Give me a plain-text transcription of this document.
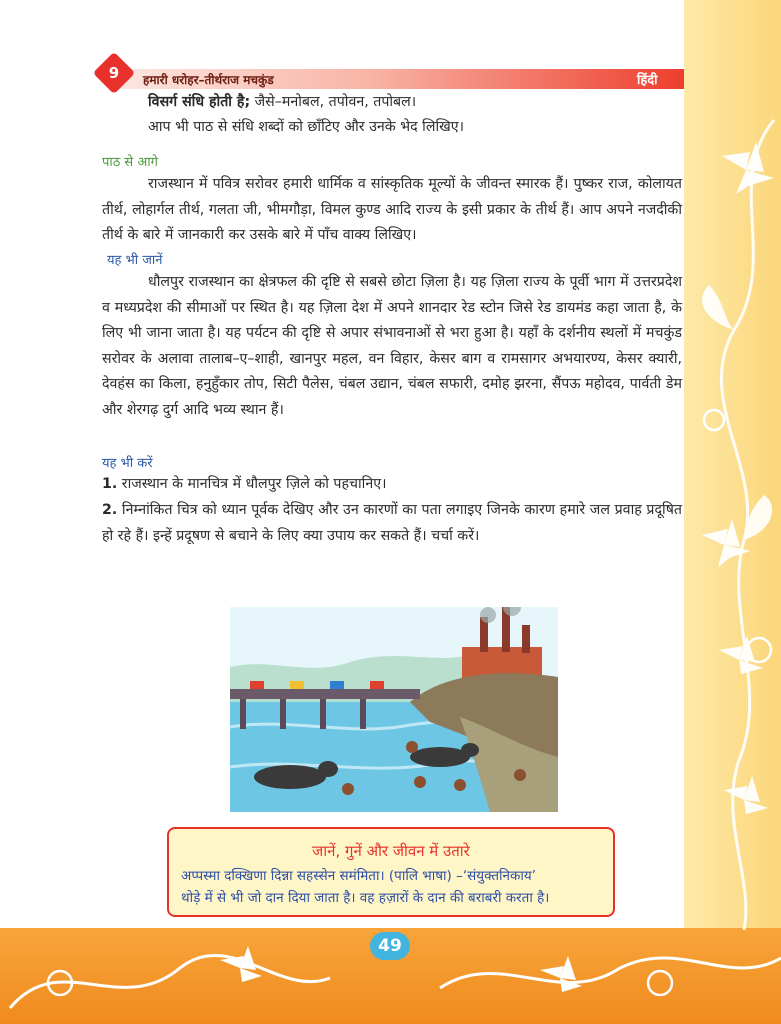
9	हमारी धरोहर–तीर्थराज मचकुंड	हिंदी
विसर्ग संधि होती है; जैसे–मनोबल, तपोवन, तपोबल।
आप भी पाठ से संधि शब्दों को छाँटिए और उनके भेद लिखिए।
पाठ से आगे
राजस्थान में पवित्र सरोवर हमारी धार्मिक व सांस्कृतिक मूल्यों के जीवन्त स्मारक हैं। पुष्कर राज, कोलायत तीर्थ, लोहार्गल तीर्थ, गलता जी, भीमगौड़ा, विमल कुण्ड आदि राज्य के इसी प्रकार के तीर्थ हैं। आप अपने नजदीकी तीर्थ के बारे में जानकारी कर उसके बारे में पाँच वाक्य लिखिए।
यह भी जानें
धौलपुर राजस्थान का क्षेत्रफल की दृष्टि से सबसे छोटा ज़िला है। यह ज़िला राज्य के पूर्वी भाग में उत्तरप्रदेश व मध्यप्रदेश की सीमाओं पर स्थित है। यह ज़िला देश में अपने शानदार रेड स्टोन जिसे रेड डायमंड कहा जाता है, के लिए भी जाना जाता है। यह पर्यटन की दृष्टि से अपार संभावनाओं से भरा हुआ है। यहाँ के दर्शनीय स्थलों में मचकुंड सरोवर के अलावा तालाब–ए–शाही, खानपुर महल, वन विहार, केसर बाग व रामसागर अभयारण्य, केसर क्यारी, देवहंस का किला, हनुहुँकार तोप, सिटी पैलेस, चंबल उद्यान, चंबल सफारी, दमोह झरना, सैंपऊ महोदव, पार्वती डेम और शेरगढ़ दुर्ग आदि भव्य स्थान हैं।
यह भी करें
1. राजस्थान के मानचित्र में धौलपुर ज़िले को पहचानिए।
2. निम्नांकित चित्र को ध्यान पूर्वक देखिए और उन कारणों का पता लगाइए जिनके कारण हमारे जल प्रवाह प्रदूषित हो रहे हैं। इन्हें प्रदूषण से बचाने के लिए क्या उपाय कर सकते हैं। चर्चा करें।
जानें, गुनें और जीवन में उतारे
अप्पस्मा दक्खिणा दिन्ना सहस्सेन समंमिता। (पालि भाषा) –‘संयुक्तनिकाय’
थोड़े में से भी जो दान दिया जाता है। वह हज़ारों के दान की बराबरी करता है।
49
